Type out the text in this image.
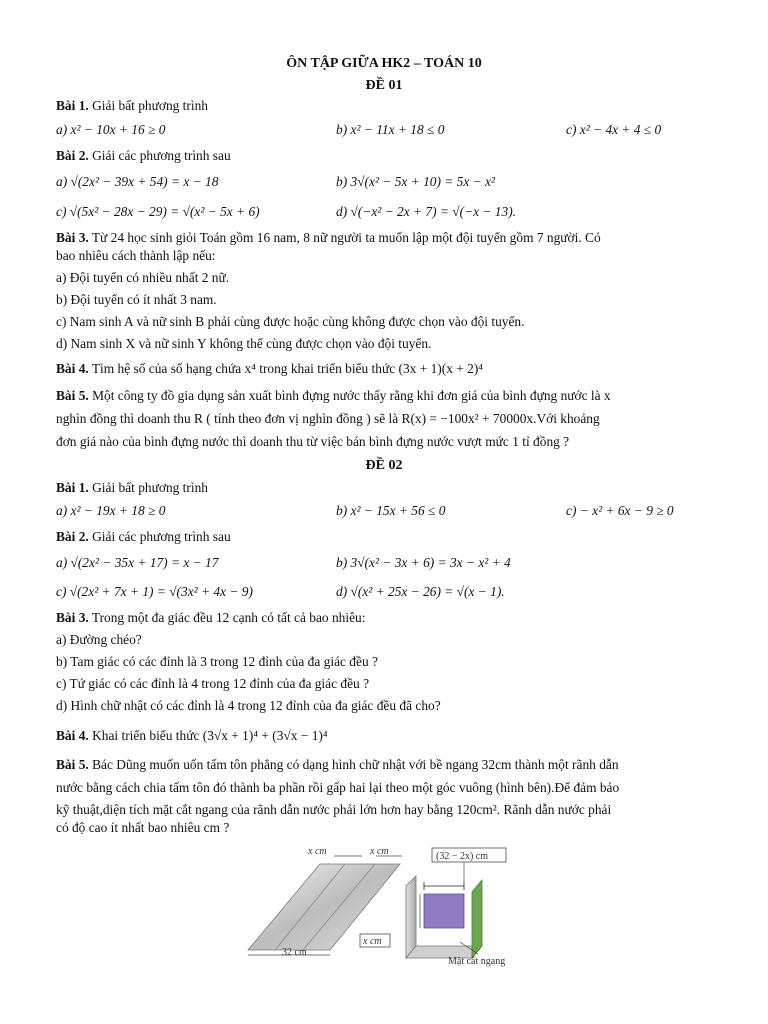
ÔN TẬP GIỮA HK2 – TOÁN 10
ĐỀ 01
Bài 1. Giải bất phương trình
a) x² − 10x + 16 ≥ 0	b) x² − 11x + 18 ≤ 0	c) x² − 4x + 4 ≤ 0
Bài 2. Giải các phương trình sau
a) √(2x² − 39x + 54) = x − 18	b) 3√(x² − 5x + 10) = 5x − x²
c) √(5x² − 28x − 29) = √(x² − 5x + 6)	d) √(−x² − 2x + 7) = √(−x − 13).
Bài 3. Từ 24 học sinh giỏi Toán gồm 16 nam, 8 nữ người ta muốn lập một đội tuyển gồm 7 người. Có
bao nhiêu cách thành lập nếu:
a) Đội tuyển có nhiều nhất 2 nữ.
b) Đội tuyển có ít nhất 3 nam.
c) Nam sinh A và nữ sinh B phải cùng được hoặc cùng không được chọn vào đội tuyển.
d) Nam sinh X và nữ sinh Y không thể cùng được chọn vào đội tuyển.
Bài 4. Tìm hệ số của số hạng chứa x⁴ trong khai triển biểu thức (3x + 1)(x + 2)⁴
Bài 5. Một công ty đồ gia dụng sản xuất bình đựng nước thấy rằng khi đơn giá của bình đựng nước là x
nghìn đồng thì doanh thu R ( tính theo đơn vị nghìn đồng ) sẽ là R(x) = −100x² + 70000x.Với khoảng
đơn giá nào của bình đựng nước thì doanh thu từ việc bán bình đựng nước vượt mức 1 tỉ đồng ?
ĐỀ 02
Bài 1. Giải bất phương trình
a) x² − 19x + 18 ≥ 0	b) x² − 15x + 56 ≤ 0	c) − x² + 6x − 9 ≥ 0
Bài 2. Giải các phương trình sau
a) √(2x² − 35x + 17) = x − 17	b) 3√(x² − 3x + 6) = 3x − x² + 4
c) √(2x² + 7x + 1) = √(3x² + 4x − 9)	d) √(x² + 25x − 26) = √(x − 1).
Bài 3. Trong một đa giác đều 12 cạnh có tất cả bao nhiêu:
a) Đường chéo?
b) Tam giác có các đỉnh là 3 trong 12 đỉnh của đa giác đều ?
c) Tứ giác có các đỉnh là 4 trong 12 đỉnh của đa giác đều ?
d) Hình chữ nhật có các đỉnh là 4 trong 12 đỉnh của đa giác đều đã cho?
Bài 4. Khai triển biểu thức (3√x + 1)⁴ + (3√x − 1)⁴
Bài 5. Bác Dũng muốn uốn tấm tôn phẳng có dạng hình chữ nhật với bề ngang 32cm thành một rãnh dẫn
nước bằng cách chia tấm tôn đó thành ba phần rồi gấp hai lại theo một góc vuông (hình bên).Để đảm bảo
kỹ thuật,diện tích mặt cắt ngang của rãnh dẫn nước phải lớn hơn hay bằng 120cm². Rãnh dẫn nước phải
có độ cao ít nhất bao nhiêu cm ?
x cm	x cm
32 cm
(32 − 2x) cm
x cm
Mặt cắt ngang
